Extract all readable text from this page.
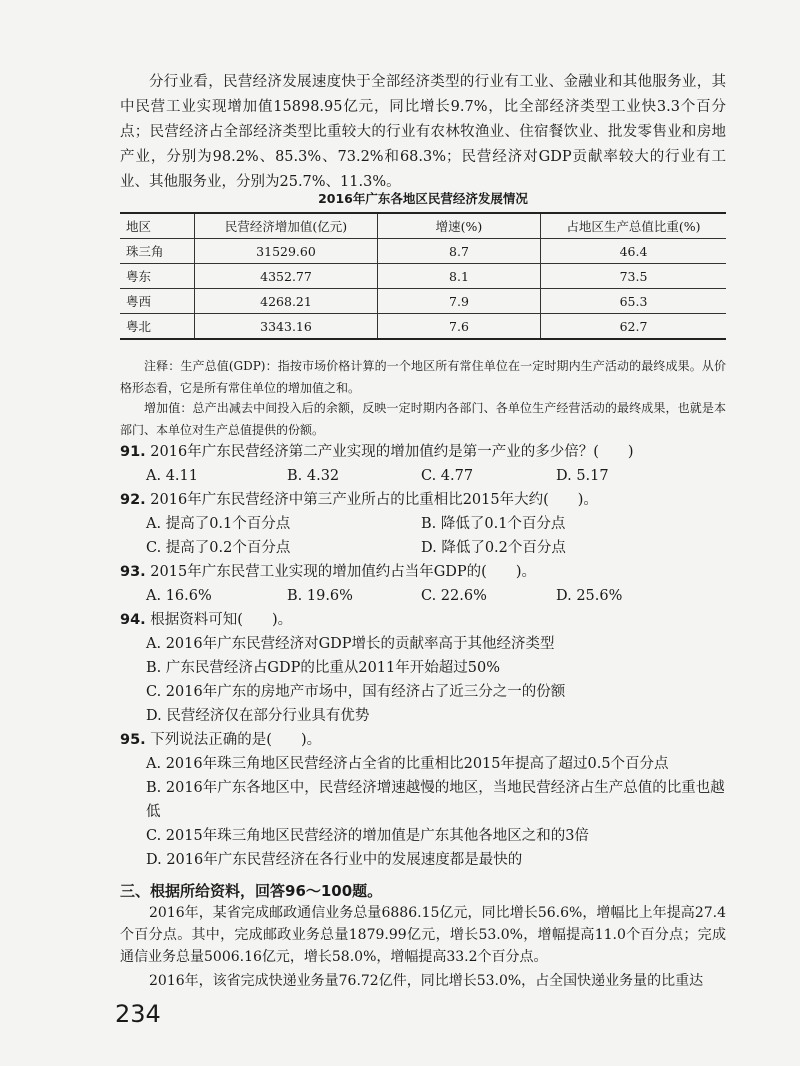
分行业看，民营经济发展速度快于全部经济类型的行业有工业、金融业和其他服务业，其中民营工业实现增加值15898.95亿元，同比增长9.7%，比全部经济类型工业快3.3个百分点；民营经济占全部经济类型比重较大的行业有农林牧渔业、住宿餐饮业、批发零售业和房地产业，分别为98.2%、85.3%、73.2%和68.3%；民营经济对GDP贡献率较大的行业有工业、其他服务业，分别为25.7%、11.3%。

2016年广东各地区民营经济发展情况
地区	民营经济增加值(亿元)	增速(%)	占地区生产总值比重(%)
珠三角	31529.60	8.7	46.4
粤东	4352.77	8.1	73.5
粤西	4268.21	7.9	65.3
粤北	3343.16	7.6	62.7

注释：生产总值(GDP)：指按市场价格计算的一个地区所有常住单位在一定时期内生产活动的最终成果。从价格形态看，它是所有常住单位的增加值之和。

增加值：总产出减去中间投入后的余额，反映一定时期内各部门、各单位生产经营活动的最终成果，也就是本部门、本单位对生产总值提供的份额。

91. 2016年广东民营经济第二产业实现的增加值约是第一产业的多少倍？(　　)
A. 4.11	B. 4.32	C. 4.77	D. 5.17
92. 2016年广东民营经济中第三产业所占的比重相比2015年大约(　　)。
A. 提高了0.1个百分点	B. 降低了0.1个百分点
C. 提高了0.2个百分点	D. 降低了0.2个百分点
93. 2015年广东民营工业实现的增加值约占当年GDP的(　　)。
A. 16.6%	B. 19.6%	C. 22.6%	D. 25.6%
94. 根据资料可知(　　)。
A. 2016年广东民营经济对GDP增长的贡献率高于其他经济类型
B. 广东民营经济占GDP的比重从2011年开始超过50%
C. 2016年广东的房地产市场中，国有经济占了近三分之一的份额
D. 民营经济仅在部分行业具有优势
95. 下列说法正确的是(　　)。
A. 2016年珠三角地区民营经济占全省的比重相比2015年提高了超过0.5个百分点
B. 2016年广东各地区中，民营经济增速越慢的地区，当地民营经济占生产总值的比重也越低
C. 2015年珠三角地区民营经济的增加值是广东其他各地区之和的3倍
D. 2016年广东民营经济在各行业中的发展速度都是最快的
三、根据所给资料，回答96～100题。

2016年，某省完成邮政通信业务总量6886.15亿元，同比增长56.6%，增幅比上年提高27.4个百分点。其中，完成邮政业务总量1879.99亿元，增长53.0%，增幅提高11.0个百分点；完成通信业务总量5006.16亿元，增长58.0%，增幅提高33.2个百分点。

2016年，该省完成快递业务量76.72亿件，同比增长53.0%，占全国快递业务量的比重达

234
